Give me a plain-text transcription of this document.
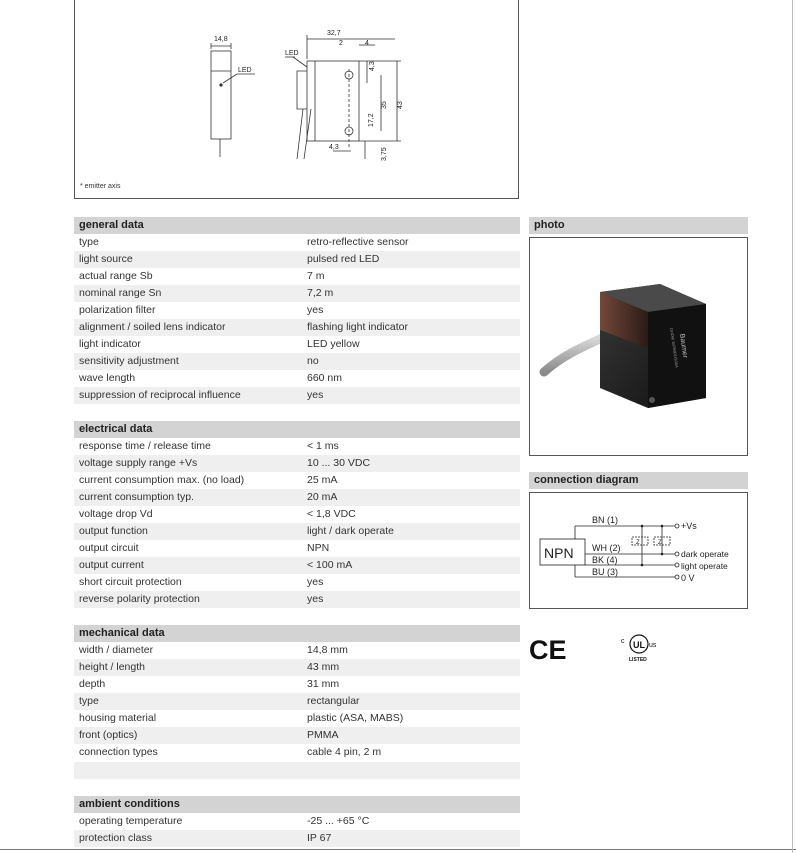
14,8
LED
32,7
2	4
LED
4,3
4,3
17,2
35 43
3,75
* emitter axis
general data
type	retro-reflective sensor
light source	pulsed red LED
actual range Sb	7 m
nominal range Sn	7,2 m
polarization filter	yes
alignment / soiled lens indicator	flashing light indicator
light indicator	LED yellow
sensitivity adjustment	no
wave length	660 nm
suppression of reciprocal influence	yes
electrical data
response time / release time	< 1 ms
voltage supply range +Vs	10 ... 30 VDC
current consumption max. (no load)	25 mA
current consumption typ.	20 mA
voltage drop Vd	< 1,8 VDC
output function	light / dark operate
output circuit	NPN
output current	< 100 mA
short circuit protection	yes
reverse polarity protection	yes
mechanical data
width / diameter	14,8 mm
height / length	43 mm
depth	31 mm
type	rectangular
housing material	plastic (ASA, MABS)
front (optics)	PMMA
connection types	cable 4 pin, 2 m
ambient conditions
operating temperature	-25 ... +65 °C
protection class	IP 67
photo
Baumer
OHDM 16P6901/S35A
connection diagram
NPN
BN (1)
WH (2)
BK (4)
BU (3)
Z	Z
+Vs
dark operate
light operate
0 V
CE	UL
c
us
LISTED
